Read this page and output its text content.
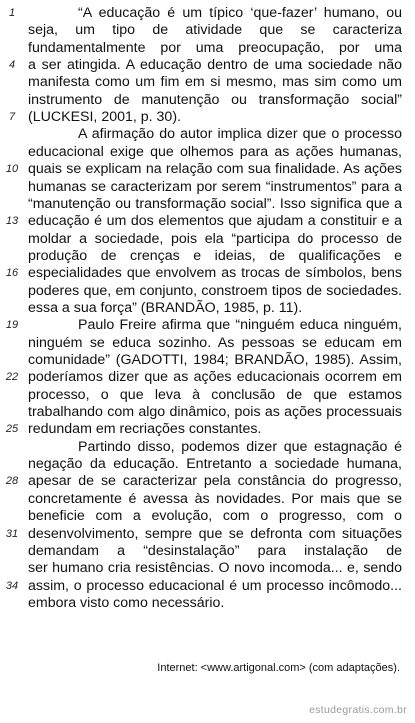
1	“A educação é um típico ‘que-fazer’ humano, ou
seja, um tipo de atividade que se caracteriza
fundamentalmente por uma preocupação, por uma
4 a ser atingida. A educação dentro de uma sociedade não
manifesta como um fim em si mesmo, mas sim como um
instrumento de manutenção ou transformação social”
7 (LUCKESI, 2001, p. 30).
A afirmação do autor implica dizer que o processo
educacional exige que olhemos para as ações humanas,
10 quais se explicam na relação com sua finalidade. As ações
humanas se caracterizam por serem “instrumentos” para a
“manutenção ou transformação social”. Isso significa que a
13 educação é um dos elementos que ajudam a constituir e a
moldar a sociedade, pois ela “participa do processo de
produção de crenças e ideias, de qualificações e
16 especialidades que envolvem as trocas de símbolos, bens
poderes que, em conjunto, constroem tipos de sociedades.
essa a sua força” (BRANDÃO, 1985, p. 11).
19	Paulo Freire afirma que “ninguém educa ninguém,
ninguém se educa sozinho. As pessoas se educam em
comunidade” (GADOTTI, 1984; BRANDÃO, 1985). Assim,
22 poderíamos dizer que as ações educacionais ocorrem em
processo, o que leva à conclusão de que estamos
trabalhando com algo dinâmico, pois as ações processuais
25 redundam em recriações constantes.
Partindo disso, podemos dizer que estagnação é
negação da educação. Entretanto a sociedade humana,
28 apesar de se caracterizar pela constância do progresso,
concretamente é avessa às novidades. Por mais que se
beneficie com a evolução, com o progresso, com o
31 desenvolvimento, sempre que se defronta com situações
demandam a “desinstalação” para instalação de
ser humano cria resistências. O novo incomoda... e, sendo
34 assim, o processo educacional é um processo incômodo...
embora visto como necessário.
Internet: <www.artigonal.com> (com adaptações).
estudegratis.com.br
